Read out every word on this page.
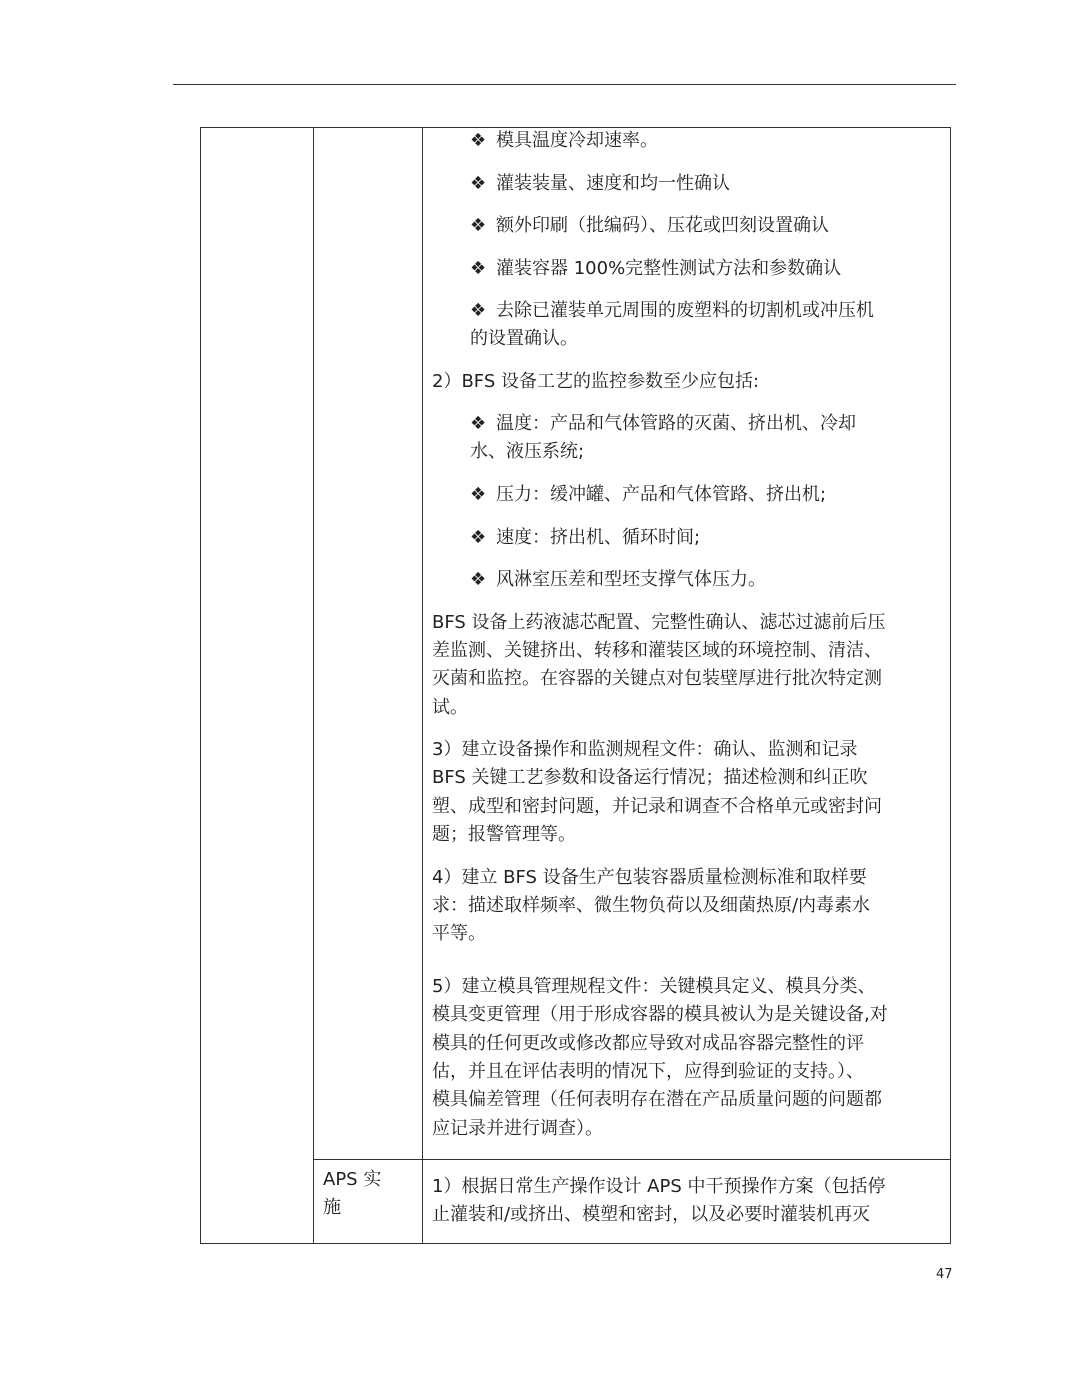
❖ 模具温度冷却速率。
❖ 灌装装量、速度和均一性确认
❖ 额外印刷（批编码）、压花或凹刻设置确认
❖ 灌装容器 100%完整性测试方法和参数确认
❖ 去除已灌装单元周围的废塑料的切割机或冲压机
的设置确认。
2）BFS 设备工艺的监控参数至少应包括:
❖ 温度：产品和气体管路的灭菌、挤出机、冷却
水、液压系统;
❖ 压力：缓冲罐、产品和气体管路、挤出机;
❖ 速度：挤出机、循环时间;
❖ 风淋室压差和型坯支撑气体压力。
BFS 设备上药液滤芯配置、完整性确认、滤芯过滤前后压
差监测、关键挤出、转移和灌装区域的环境控制、清洁、
灭菌和监控。在容器的关键点对包装壁厚进行批次特定测
试。
3）建立设备操作和监测规程文件：确认、监测和记录
BFS 关键工艺参数和设备运行情况；描述检测和纠正吹
塑、成型和密封问题，并记录和调查不合格单元或密封问
题；报警管理等。
4）建立 BFS 设备生产包装容器质量检测标准和取样要
求：描述取样频率、微生物负荷以及细菌热原/内毒素水
平等。
5）建立模具管理规程文件：关键模具定义、模具分类、
模具变更管理（用于形成容器的模具被认为是关键设备,对
模具的任何更改或修改都应导致对成品容器完整性的评
估，并且在评估表明的情况下，应得到验证的支持。）、
模具偏差管理（任何表明存在潜在产品质量问题的问题都
应记录并进行调查）。
APS 实
施
1）根据日常生产操作设计 APS 中干预操作方案（包括停
止灌装和/或挤出、模塑和密封，以及必要时灌装机再灭
47
